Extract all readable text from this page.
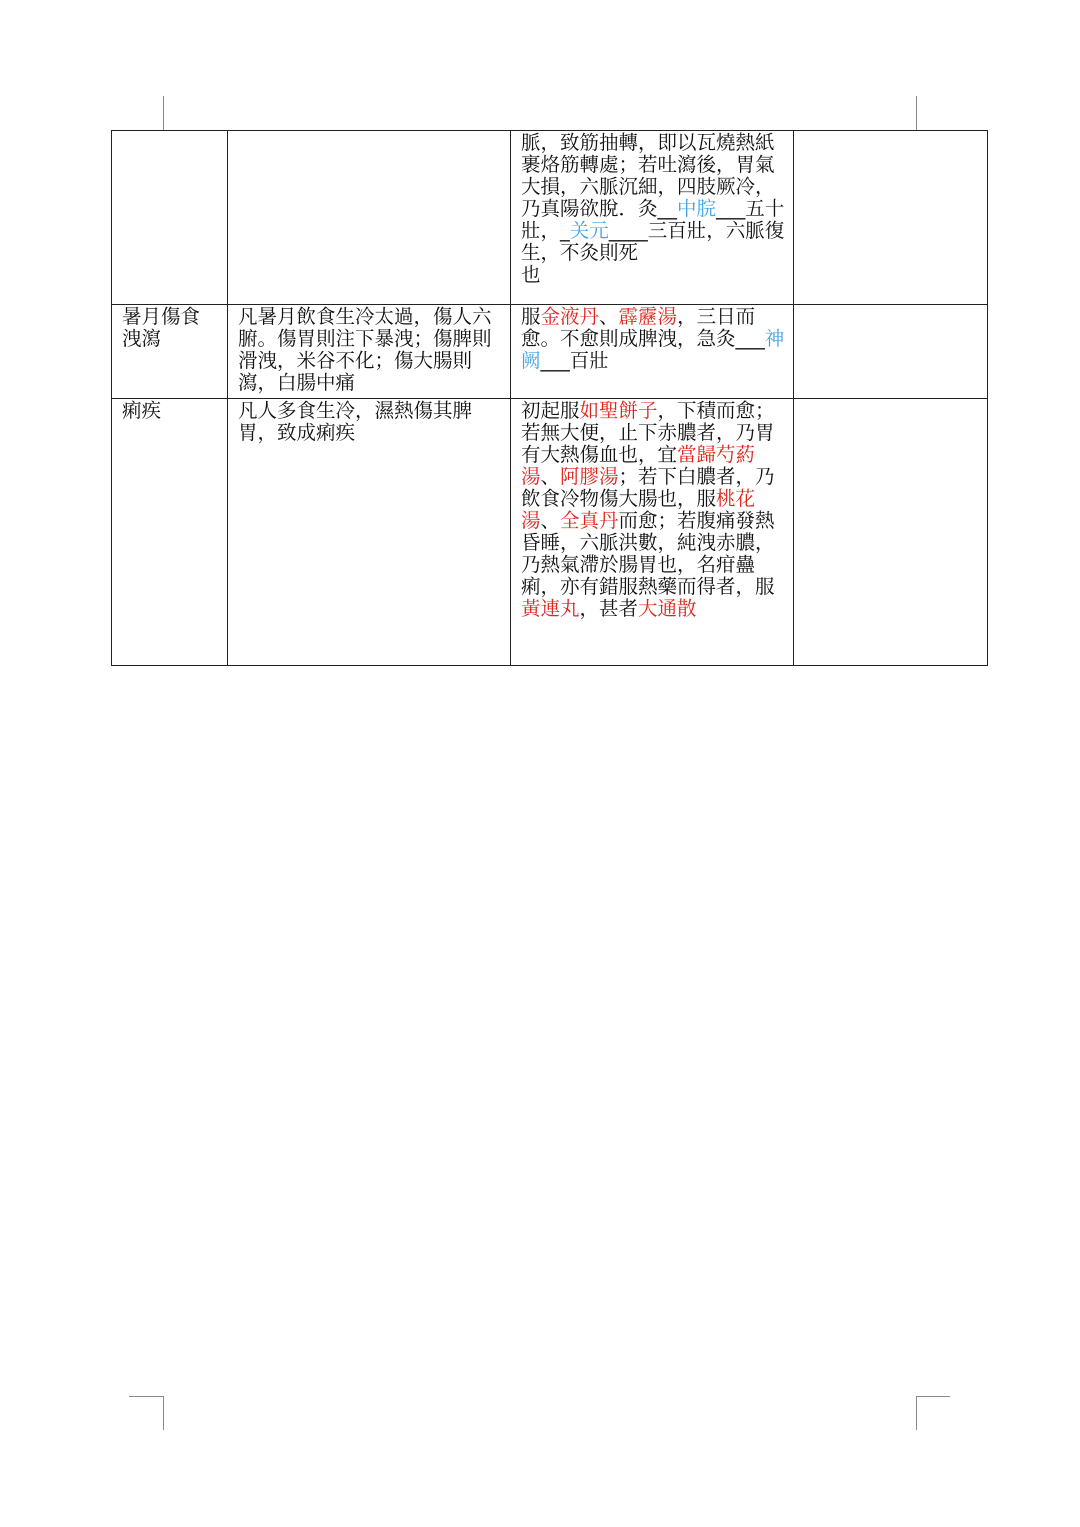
		脈，致筋抽轉，即以瓦燒熱紙裹烙筋轉處；若吐瀉後，胃氣大損，六脈沉細，四肢厥冷，乃真陽欲脫．灸__中脘___五十壯，_关元____三百壯，六脈復生，不灸則死
也	
暑月傷食洩瀉	凡暑月飲食生冷太過，傷人六腑。傷胃則注下暴洩；傷脾則滑洩，米谷不化；傷大腸則瀉，白腸中痛	服金液丹、霹靂湯，三日而愈。不愈則成脾洩，急灸___神阙___百壯	
痢疾	凡人多食生冷，濕熱傷其脾胃，致成痢疾	初起服如聖餅子，下積而愈；若無大便，止下赤膿者，乃胃有大熱傷血也，宜當歸芍葯湯、阿膠湯；若下白膿者，乃飲食冷物傷大腸也，服桃花湯、全真丹而愈；若腹痛發熱昏睡，六脈洪數，純洩赤膿，乃熱氣滯於腸胃也，名疳蠱痢，亦有錯服熱藥而得者，服黃連丸，甚者大通散	
